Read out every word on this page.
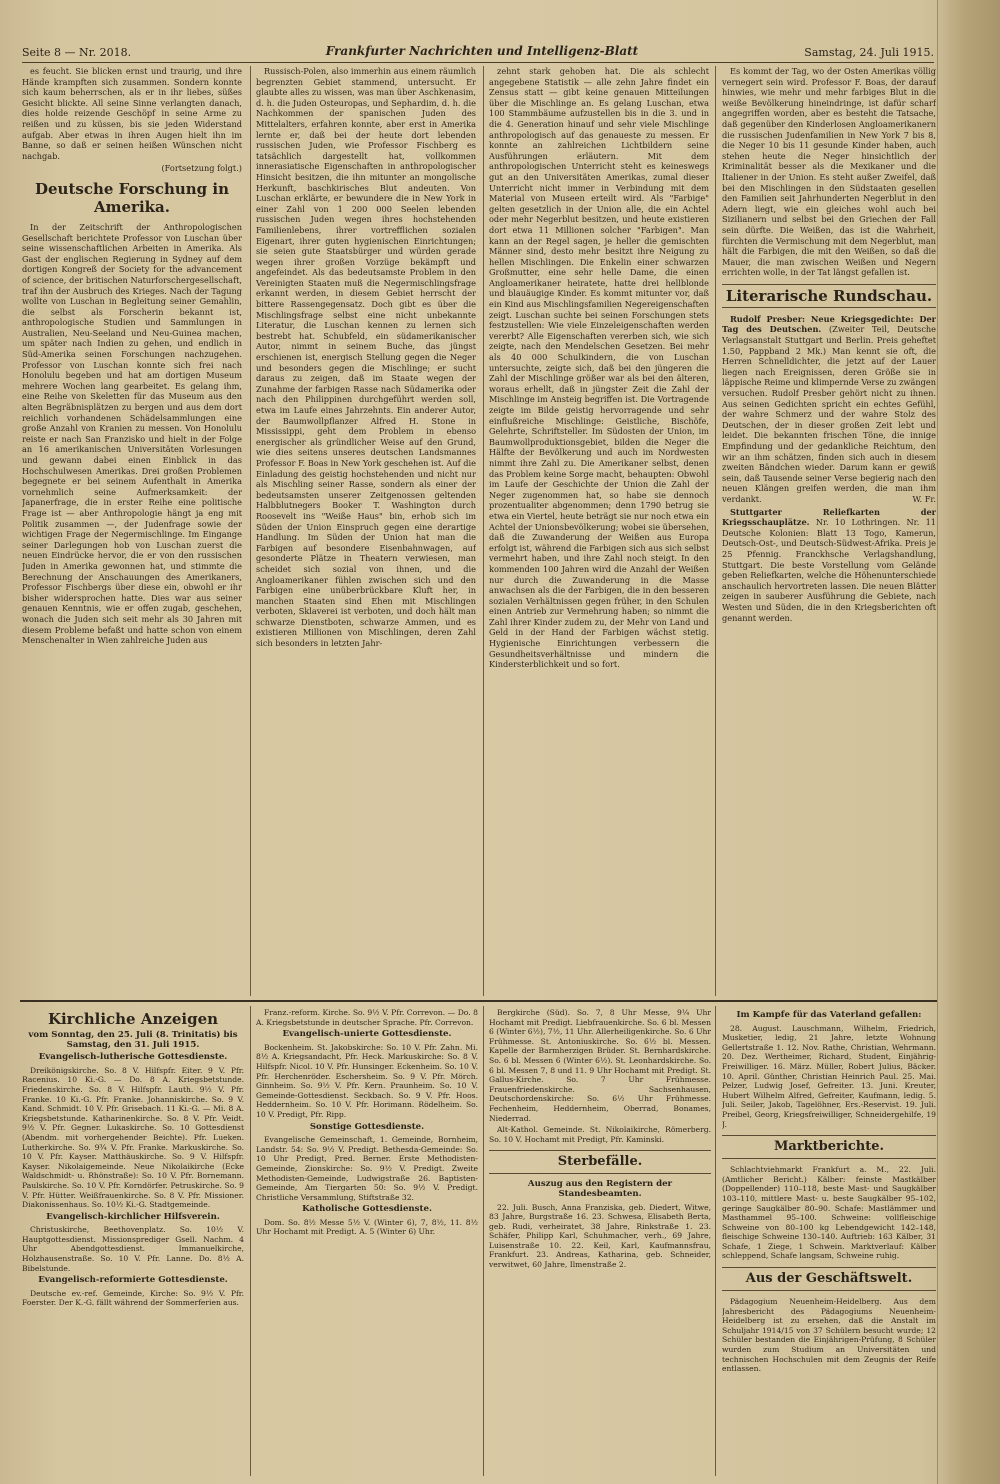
Seite 8 — Nr. 2018.	Frankfurter Nachrichten und Intelligenz-Blatt	Samstag, 24. Juli 1915.

es feucht. Sie blicken ernst und traurig, und ihre Hände krampften sich zusammen. Sondern konnte sich kaum beherrschen, als er in ihr liebes, süßes Gesicht blickte. All seine Sinne verlangten danach, dies holde reizende Geschöpf in seine Arme zu reißen und zu küssen, bis sie jeden Widerstand aufgab. Aber etwas in ihren Augen hielt ihn im Banne, so daß er seinen heißen Wünschen nicht nachgab.

(Fortsetzung folgt.)

Deutsche Forschung in Amerika.

In der Zeitschrift der Anthropologischen Gesellschaft berichtete Professor von Luschan über seine wissenschaftlichen Arbeiten in Amerika. Als Gast der englischen Regierung in Sydney auf dem dortigen Kongreß der Society for the advancement of science, der britischen Naturforschergesellschaft, traf ihn der Ausbruch des Krieges. Nach der Tagung wollte von Luschan in Begleitung seiner Gemahlin, die selbst als Forscherin bekannt ist, anthropologische Studien und Sammlungen in Australien, Neu-Seeland und Neu-Guinea machen, um später nach Indien zu gehen, und endlich in Süd-Amerika seinen Forschungen nachzugehen. Professor von Luschan konnte sich frei nach Honolulu begeben und hat am dortigen Museum mehrere Wochen lang gearbeitet. Es gelang ihm, eine Reihe von Skeletten für das Museum aus den alten Begräbnisplätzen zu bergen und aus dem dort reichlich vorhandenen Schädelsammlungen eine große Anzahl von Kranien zu messen. Von Honolulu reiste er nach San Franzisko und hielt in der Folge an 16 amerikanischen Universitäten Vorlesungen und gewann dabei einen Einblick in das Hochschulwesen Amerikas. Drei großen Problemen begegnete er bei seinem Aufenthalt in Amerika vornehmlich seine Aufmerksamkeit: der Japanerfrage, die in erster Reihe eine politische Frage ist — aber Anthropologie hängt ja eng mit Politik zusammen —, der Judenfrage sowie der wichtigen Frage der Negermischlinge. Im Eingange seiner Darlegungen hob von Luschan zuerst die neuen Eindrücke hervor, die er von den russischen Juden in Amerika gewonnen hat, und stimmte die Berechnung der Anschauungen des Amerikaners, Professor Fischbergs über diese ein, obwohl er ihr bisher widersprochen hatte. Dies war aus seiner genauen Kenntnis, wie er offen zugab, geschehen, wonach die Juden sich seit mehr als 30 Jahren mit diesem Probleme befaßt und hatte schon von einem Menschenalter in Wien zahlreiche Juden aus

Russisch-Polen, also immerhin aus einem räumlich begrenzten Gebiet stammend, untersucht. Er glaubte alles zu wissen, was man über Aschkenasim, d. h. die Juden Osteuropas, und Sephardim, d. h. die Nachkommen der spanischen Juden des Mittelalters, erfahren konnte, aber erst in Amerika lernte er, daß bei der heute dort lebenden russischen Juden, wie Professor Fischberg es tatsächlich dargestellt hat, vollkommen innerasiatische Eigenschaften in anthropologischer Hinsicht besitzen, die ihn mitunter an mongolische Herkunft, baschkirisches Blut andeuten. Von Luschan erklärte, er bewundere die in New York in einer Zahl von 1 200 000 Seelen lebenden russischen Juden wegen ihres hochstehenden Familienlebens, ihrer vortrefflichen sozialen Eigenart, ihrer guten hygienischen Einrichtungen; sie seien gute Staatsbürger und würden gerade wegen ihrer großen Vorzüge bekämpft und angefeindet. Als das bedeutsamste Problem in den Vereinigten Staaten muß die Negermischlingsfrage erkannt werden, in diesem Gebiet herrscht der bittere Rassengegensatz. Doch gibt es über die Mischlingsfrage selbst eine nicht unbekannte Literatur, die Luschan kennen zu lernen sich bestrebt hat. Schubfeld, ein südamerikanischer Autor, nimmt in seinem Buche, das jüngst erschienen ist, energisch Stellung gegen die Neger und besonders gegen die Mischlinge; er sucht daraus zu zeigen, daß im Staate wegen der Zunahme der farbigen Rasse nach Südamerika oder nach den Philippinen durchgeführt werden soll, etwa im Laufe eines Jahrzehnts. Ein anderer Autor, der Baumwollpflanzer Alfred H. Stone in Mississippi, geht dem Problem in ebenso energischer als gründlicher Weise auf den Grund, wie dies seitens unseres deutschen Landsmannes Professor F. Boas in New York geschehen ist. Auf die Einladung des geistig hochstehenden und nicht nur als Mischling seiner Rasse, sondern als einer der bedeutsamsten unserer Zeitgenossen geltenden Halbblutnegers Booker T. Washington durch Roosevelt ins "Weiße Haus" bin, erhob sich im Süden der Union Einspruch gegen eine derartige Handlung. Im Süden der Union hat man die Farbigen auf besondere Eisenbahnwagen, auf gesonderte Plätze in Theatern verwiesen, man scheidet sich sozial von ihnen, und die Angloamerikaner fühlen zwischen sich und den Farbigen eine unüberbrückbare Kluft her, in manchen Staaten sind Ehen mit Mischlingen verboten, Sklaverei ist verboten, und doch hält man schwarze Dienstboten, schwarze Ammen, und es existieren Millionen von Mischlingen, deren Zahl sich besonders in letzten Jahr-

zehnt stark gehoben hat. Die als schlecht angegebene Statistik — alle zehn Jahre findet ein Zensus statt — gibt keine genauen Mitteilungen über die Mischlinge an. Es gelang Luschan, etwa 100 Stammbäume aufzustellen bis in die 3. und in die 4. Generation hinauf und sehr viele Mischlinge anthropologisch auf das genaueste zu messen. Er konnte an zahlreichen Lichtbildern seine Ausführungen erläutern. Mit dem anthropologischen Unterricht steht es keineswegs gut an den Universitäten Amerikas, zumal dieser Unterricht nicht immer in Verbindung mit dem Material von Museen erteilt wird. Als "Farbige" gelten gesetzlich in der Union alle, die ein Achtel oder mehr Negerblut besitzen, und heute existieren dort etwa 11 Millionen solcher "Farbigen". Man kann an der Regel sagen, je heller die gemischten Männer sind, desto mehr besitzt ihre Neigung zu hellen Mischlingen. Die Enkelin einer schwarzen Großmutter, eine sehr helle Dame, die einen Angloamerikaner heiratete, hatte drei hellblonde und blauäugige Kinder. Es kommt mitunter vor, daß ein Kind aus Mischlingsfamilien Negereigenschaften zeigt. Luschan suchte bei seinen Forschungen stets festzustellen: Wie viele Einzeleigenschaften werden vererbt? Alle Eigenschaften vererben sich, wie sich zeigte, nach den Mendelschen Gesetzen. Bei mehr als 40 000 Schulkindern, die von Luschan untersuchte, zeigte sich, daß bei den jüngeren die Zahl der Mischlinge größer war als bei den älteren, woraus erhellt, daß in jüngster Zeit die Zahl der Mischlinge im Ansteig begriffen ist. Die Vortragende zeigte im Bilde geistig hervorragende und sehr einflußreiche Mischlinge: Geistliche, Bischöfe, Gelehrte, Schriftsteller. Im Südosten der Union, im Baumwollproduktionsgebiet, bilden die Neger die Hälfte der Bevölkerung und auch im Nordwesten nimmt ihre Zahl zu. Die Amerikaner selbst, denen das Problem keine Sorge macht, behaupten: Obwohl im Laufe der Geschichte der Union die Zahl der Neger zugenommen hat, so habe sie dennoch prozentualiter abgenommen; denn 1790 betrug sie etwa ein Viertel, heute beträgt sie nur noch etwa ein Achtel der Unionsbevölkerung; wobei sie übersehen, daß die Zuwanderung der Weißen aus Europa erfolgt ist, während die Farbigen sich aus sich selbst vermehrt haben, und ihre Zahl noch steigt. In den kommenden 100 Jahren wird die Anzahl der Weißen nur durch die Zuwanderung in die Masse anwachsen als die der Farbigen, die in den besseren sozialen Verhältnissen gegen früher, in den Schulen einen Antrieb zur Vermehrung haben; so nimmt die Zahl ihrer Kinder zudem zu, der Mehr von Land und Geld in der Hand der Farbigen wächst stetig. Hygienische Einrichtungen verbessern die Gesundheitsverhältnisse und mindern die Kindersterblichkeit und so fort.

Es kommt der Tag, wo der Osten Amerikas völlig vernegert sein wird. Professor F. Boas, der darauf hinwies, wie mehr und mehr farbiges Blut in die weiße Bevölkerung hineindringe, ist dafür scharf angegriffen worden, aber es besteht die Tatsache, daß gegenüber den Kinderlosen Angloamerikanern die russischen Judenfamilien in New York 7 bis 8, die Neger 10 bis 11 gesunde Kinder haben, auch stehen heute die Neger hinsichtlich der Kriminalität besser als die Mexikaner und die Italiener in der Union. Es steht außer Zweifel, daß bei den Mischlingen in den Südstaaten gesellen den Familien seit Jahrhunderten Negerblut in den Adern liegt, wie ein gleiches wohl auch bei Sizilianern und selbst bei den Griechen der Fall sein dürfte. Die Weißen, das ist die Wahrheit, fürchten die Vermischung mit dem Negerblut, man hält die Farbigen, die mit den Weißen, so daß die Mauer, die man zwischen Weißen und Negern errichten wolle, in der Tat längst gefallen ist.

Literarische Rundschau.

Rudolf Presber: Neue Kriegsgedichte: Der Tag des Deutschen. (Zweiter Teil, Deutsche Verlagsanstalt Stuttgart und Berlin. Preis geheftet 1.50, Pappband 2 Mk.) Man kennt sie oft, die Herren Schnelldichter, die jetzt auf der Lauer liegen nach Ereignissen, deren Größe sie in läppische Reime und klimpernde Verse zu zwängen versuchen. Rudolf Presber gehört nicht zu ihnen. Aus seinen Gedichten spricht ein echtes Gefühl, der wahre Schmerz und der wahre Stolz des Deutschen, der in dieser großen Zeit lebt und leidet. Die bekannten frischen Töne, die innige Empfindung und der gedankliche Reichtum, den wir an ihm schätzen, finden sich auch in diesem zweiten Bändchen wieder. Darum kann er gewiß sein, daß Tausende seiner Verse begierig nach den neuen Klängen greifen werden, die man ihm verdankt.	W. Fr.

Stuttgarter Reliefkarten der Kriegsschauplätze. Nr. 10 Lothringen. Nr. 11 Deutsche Kolonien: Blatt 13 Togo, Kamerun, Deutsch-Ost-, und Deutsch-Südwest-Afrika. Preis je 25 Pfennig. Franckhsche Verlagshandlung, Stuttgart. Die beste Vorstellung vom Gelände geben Reliefkarten, welche die Höhenunterschiede anschaulich hervortreten lassen. Die neuen Blätter zeigen in sauberer Ausführung die Gebiete, nach Westen und Süden, die in den Kriegsberichten oft genannt werden.

Kirchliche Anzeigen
vom Sonntag, den 25. Juli (8. Trinitatis) bis Samstag, den 31. Juli 1915.
Evangelisch-lutherische Gottesdienste.

Dreikönigskirche. So. 8 V. Hilfspfr. Eiter. 9 V. Pfr. Racenius. 10 Ki.-G. — Do. 8 A. Kriegsbetstunde. Friedenskirche. So. 8 V. Hilfspfr. Lauth. 9½ V. Pfr. Franke. 10 Ki.-G. Pfr. Franke. Johanniskirche. So. 9 V. Kand. Schmidt. 10 V. Pfr. Grisebach. 11 Ki.-G. — Mi. 8 A. Kriegsbetstunde. Katharinenkirche. So. 8 V. Pfr. Veidt. 9½ V. Pfr. Gegner. Lukaskirche. So. 10 Gottesdienst (Abendm. mit vorhergehender Beichte). Pfr. Lueken. Lutherkirche. So. 9¾ V. Pfr. Franke. Markuskirche. So. 10 V. Pfr. Kayser. Matthäuskirche. So. 9 V. Hilfspfr. Kayser. Nikolaigemeinde. Neue Nikolaikirche (Ecke Waldschmidt- u. Rhönstraße): So. 10 V. Pfr. Bornemann. Paulskirche. So. 10 V. Pfr. Korndörfer. Petruskirche. So. 9 V. Pfr. Hütter. Weißfrauenkirche. So. 8 V. Pfr. Missioner. Diakonissenhaus. So. 10½ Ki.-G. Stadtgemeinde.

Evangelisch-kirchlicher Hilfsverein.

Christuskirche, Beethovenplatz. So. 10½ V. Hauptgottesdienst. Missionsprediger Gsell. Nachm. 4 Uhr Abendgottesdienst. Immanuelkirche, Holzhausenstraße. So. 10 V. Pfr. Lanne. Do. 8½ A. Bibelstunde.

Evangelisch-reformierte Gottesdienste.

Deutsche ev.-ref. Gemeinde, Kirche: So. 9½ V. Pfr. Foerster. Der K.-G. fällt während der Sommerferien aus.

Franz.-reform. Kirche. So. 9½ V. Pfr. Correvon. — Do. 8 A. Kriegsbetstunde in deutscher Sprache. Pfr. Correvon.

Evangelisch-unierte Gottesdienste.

Bockenheim. St. Jakobskirche: So. 10 V. Pfr. Zahn. Mi. 8½ A. Kriegsandacht, Pfr. Heck. Markuskirche: So. 8 V. Hilfspfr. Nicol. 10 V. Pfr. Hunsinger. Eckenheim. So. 10 V. Pfr. Herchenröder. Eschersheim. So. 9 V. Pfr. Mörch. Ginnheim. So. 9½ V. Pfr. Kern. Praunheim. So. 10 V. Gemeinde-Gottesdienst. Seckbach. So. 9 V. Pfr. Hoos. Heddernheim. So. 10 V. Pfr. Horimann. Rödelheim. So. 10 V. Predigt, Pfr. Ripp.

Sonstige Gottesdienste.

Evangelische Gemeinschaft, 1. Gemeinde, Bornheim, Landstr. 54: So. 9½ V. Predigt. Bethesda-Gemeinde: So. 10 Uhr Predigt, Pred. Berner. Erste Methodisten-Gemeinde, Zionskirche: So. 9½ V. Predigt. Zweite Methodisten-Gemeinde, Ludwigstraße 26. Baptisten-Gemeinde, Am Tiergarten 50: So. 9½ V. Predigt. Christliche Versammlung, Stiftstraße 32.

Katholische Gottesdienste.

Dom. So. 8½ Messe 5½ V. (Winter 6), 7, 8½, 11. 8½ Uhr Hochamt mit Predigt. A. 5 (Winter 6) Uhr.

Bergkirche (Süd). So. 7, 8 Uhr Messe, 9¼ Uhr Hochamt mit Predigt. Liebfrauenkirche. So. 6 bl. Messen 6 (Winter 6½), 7½, 11 Uhr. Allerheiligenkirche. So. 6 Uhr Frühmesse. St. Antoniuskirche. So. 6½ bl. Messen. Kapelle der Barmherzigen Brüder. St. Bernhardskirche. So. 6 bl. Messen 6 (Winter 6½). St. Leonhardskirche. So. 6 bl. Messen 7, 8 und 11. 9 Uhr Hochamt mit Predigt. St. Gallus-Kirche. So. 7 Uhr Frühmesse. Frauenfriedenskirche. Sachsenhausen, Deutschordenskirche: So. 6½ Uhr Frühmesse. Fechenheim, Heddernheim, Oberrad, Bonames, Niederrad.

Alt-Kathol. Gemeinde. St. Nikolaikirche, Römerberg. So. 10 V. Hochamt mit Predigt, Pfr. Kaminski.

Sterbefälle.
Auszug aus den Registern der Standesbeamten.

22. Juli. Busch, Anna Franziska, geb. Diedert, Witwe, 83 Jahre, Burgstraße 16. 23. Schwesa, Elisabeth Berta, geb. Rudi, verheiratet, 38 Jahre, Rinkstraße 1. 23. Schäfer, Philipp Karl, Schuhmacher, verh., 69 Jahre, Luisenstraße 10. 22. Keil, Karl, Kaufmannsfrau, Frankfurt. 23. Andreas, Katharina, geb. Schneider, verwitwet, 60 Jahre, Ilmenstraße 2.

Im Kampfe für das Vaterland gefallen:

28. August. Lauschmann, Wilhelm, Friedrich, Musketier, ledig, 21 Jahre, letzte Wohnung Gellertstraße 1. 12. Nov. Rathe, Christian, Wehrmann. 20. Dez. Wertheimer, Richard, Student, Einjährig-Freiwilliger. 16. März. Müller, Robert Julius, Bäcker. 10. April. Günther, Christian Heinrich Paul. 25. Mai. Pelzer, Ludwig Josef, Gefreiter. 13. Juni. Kreuter, Hubert Wilhelm Alfred, Gefreiter, Kaufmann, ledig. 5. Juli. Seiler, Jakob, Tagelöhner, Ers.-Reservist. 19. Juli. Preibel, Georg, Kriegsfreiwilliger, Schneidergehilfe, 19 J.

Marktberichte.

Schlachtviehmarkt Frankfurt a. M., 22. Juli. (Amtlicher Bericht.) Kälber: feinste Mastkälber (Doppellender) 110–118, beste Mast- und Saugkälber 103–110, mittlere Mast- u. beste Saugkälber 95–102, geringe Saugkälber 80–90. Schafe: Mastlämmer und Masthammel 95–100. Schweine: vollfleischige Schweine von 80–100 kg Lebendgewicht 142–148, fleischige Schweine 130–140. Auftrieb: 163 Kälber, 31 Schafe, 1 Ziege, 1 Schwein. Marktverlauf: Kälber schleppend, Schafe langsam, Schweine ruhig.

Aus der Geschäftswelt.

Pädagogium Neuenheim-Heidelberg. Aus dem Jahresbericht des Pädagogiums Neuenheim-Heidelberg ist zu ersehen, daß die Anstalt im Schuljahr 1914/15 von 37 Schülern besucht wurde; 12 Schüler bestanden die Einjährigen-Prüfung, 8 Schüler wurden zum Studium an Universitäten und technischen Hochschulen mit dem Zeugnis der Reife entlassen.
